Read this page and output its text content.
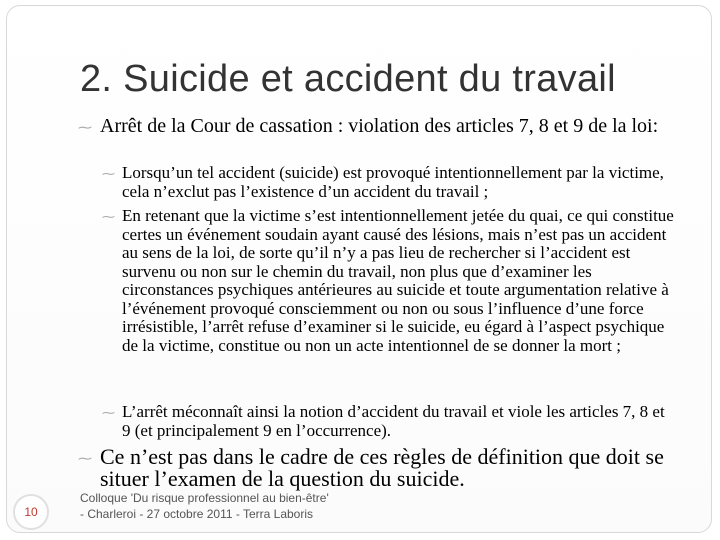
2. Suicide et accident du travail
⁓ Arrêt de la Cour de cassation : violation des articles 7, 8 et 9 de la loi:
⁓ Lorsqu’un tel accident (suicide) est provoqué intentionnellement par la victime, cela n’exclut pas l’existence d’un accident du travail ;
⁓ En retenant que la victime s’est intentionnellement jetée du quai, ce qui constitue certes un événement soudain ayant causé des lésions, mais n’est pas un accident au sens de la loi, de sorte qu’il n’y a pas lieu de rechercher si l’accident est survenu ou non sur le chemin du travail, non plus que d’examiner les circonstances psychiques antérieures au suicide et toute argumentation relative à l’événement provoqué consciemment ou non ou sous l’influence d’une force irrésistible, l’arrêt refuse d’examiner si le suicide, eu égard à l’aspect psychique de la victime, constitue ou non un acte intentionnel de se donner la mort ;
⁓ L’arrêt méconnaît ainsi la notion d’accident du travail et viole les articles 7, 8 et 9 (et principalement 9 en l’occurrence).
⁓ Ce n’est pas dans le cadre de ces règles de définition que doit se situer l’examen de la question du suicide.
10
Colloque 'Du risque professionnel au bien-être'
- Charleroi - 27 octobre 2011 - Terra Laboris
